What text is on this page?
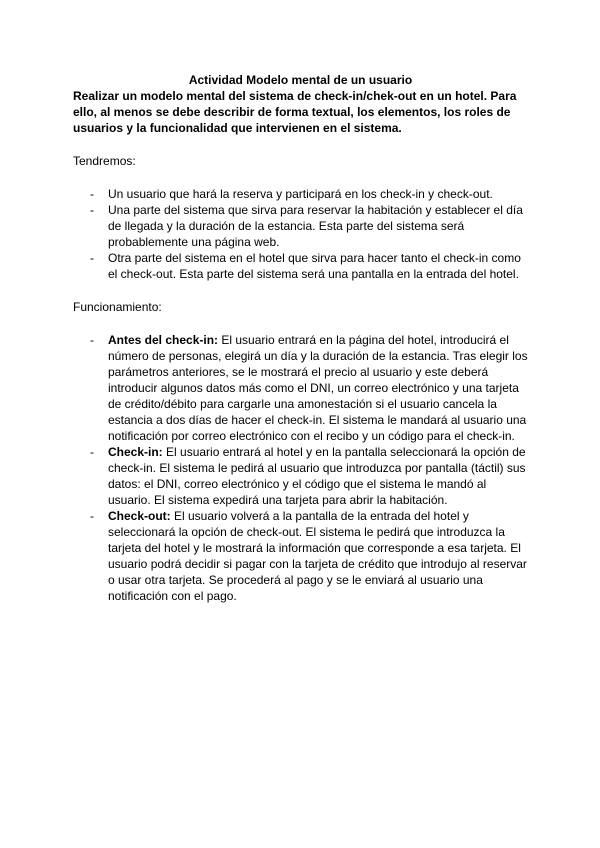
Actividad Modelo mental de un usuario

Realizar un modelo mental del sistema de check-in/chek-out en un hotel. Para ello, al menos se debe describir de forma textual, los elementos, los roles de usuarios y la funcionalidad que intervienen en el sistema.

Tendremos:

- Un usuario que hará la reserva y participará en los check-in y check-out.
- Una parte del sistema que sirva para reservar la habitación y establecer el día de llegada y la duración de la estancia. Esta parte del sistema será probablemente una página web.
- Otra parte del sistema en el hotel que sirva para hacer tanto el check-in como el check-out. Esta parte del sistema será una pantalla en la entrada del hotel.

Funcionamiento:

- Antes del check-in: El usuario entrará en la página del hotel, introducirá el número de personas, elegirá un día y la duración de la estancia. Tras elegir los parámetros anteriores, se le mostrará el precio al usuario y este deberá introducir algunos datos más como el DNI, un correo electrónico y una tarjeta de crédito/débito para cargarle una amonestación si el usuario cancela la estancia a dos días de hacer el check-in. El sistema le mandará al usuario una notificación por correo electrónico con el recibo y un código para el check-in.
- Check-in: El usuario entrará al hotel y en la pantalla seleccionará la opción de check-in. El sistema le pedirá al usuario que introduzca por pantalla (táctil) sus datos: el DNI, correo electrónico y el código que el sistema le mandó al usuario. El sistema expedirá una tarjeta para abrir la habitación.
- Check-out: El usuario volverá a la pantalla de la entrada del hotel y seleccionará la opción de check-out. El sistema le pedirá que introduzca la tarjeta del hotel y le mostrará la información que corresponde a esa tarjeta. El usuario podrá decidir si pagar con la tarjeta de crédito que introdujo al reservar o usar otra tarjeta. Se procederá al pago y se le enviará al usuario una notificación con el pago.
